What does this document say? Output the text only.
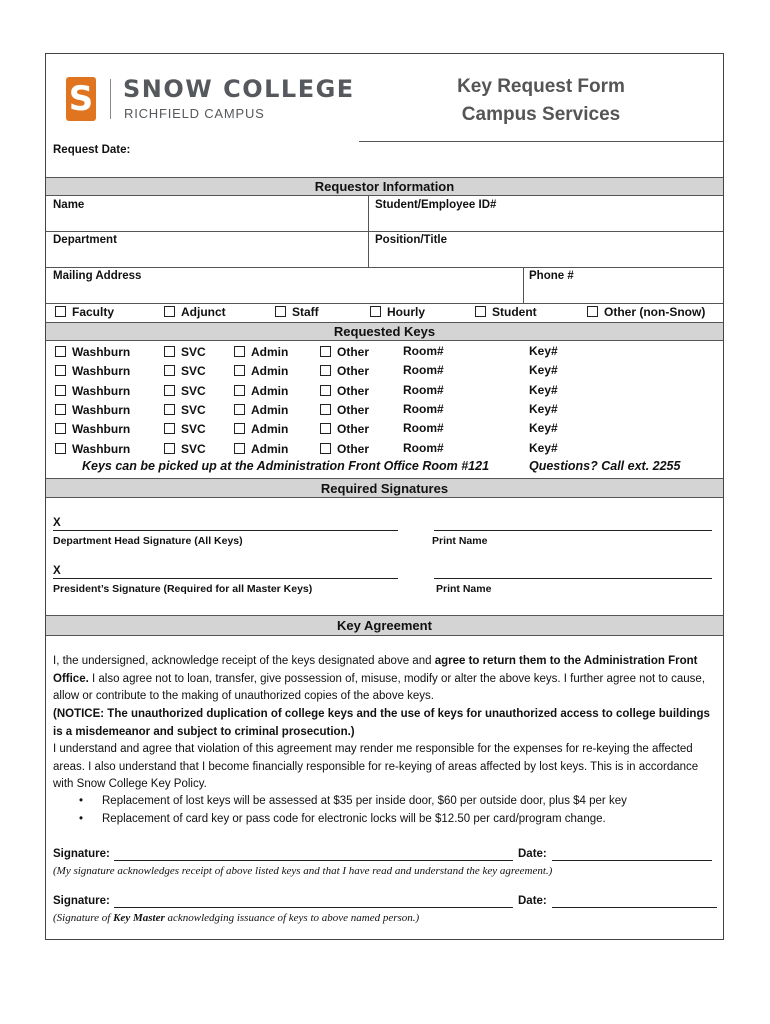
S SNOW COLLEGE
RICHFIELD CAMPUS
Key Request Form
Campus Services
Request Date:
Requestor Information
Name	Student/Employee ID#
Department	Position/Title
Mailing Address	Phone #
Faculty	Adjunct	Staff	Hourly	Student	Other (non-Snow)
Requested Keys
Washburn	SVC	Admin	Other	Room#	Key#
Washburn	SVC	Admin	Other	Room#	Key#
Washburn	SVC	Admin	Other	Room#	Key#
Washburn	SVC	Admin	Other	Room#	Key#
Washburn	SVC	Admin	Other	Room#	Key#
Washburn	SVC	Admin	Other	Room#	Key#
Keys can be picked up at the Administration Front Office Room #121	Questions? Call ext. 2255
Required Signatures
X
Department Head Signature (All Keys)	Print Name
X
President’s Signature (Required for all Master Keys)	Print Name
Key Agreement
I, the undersigned, acknowledge receipt of the keys designated above and agree to return them to the Administration Front Office. I also agree not to loan, transfer, give possession of, misuse, modify or alter the above keys. I further agree not to cause, allow or contribute to the making of unauthorized copies of the above keys.
(NOTICE: The unauthorized duplication of college keys and the use of keys for unauthorized access to college buildings is a misdemeanor and subject to criminal prosecution.)
I understand and agree that violation of this agreement may render me responsible for the expenses for re-keying the affected areas. I also understand that I become financially responsible for re-keying of areas affected by lost keys. This is in accordance with Snow College Key Policy.
• Replacement of lost keys will be assessed at $35 per inside door, $60 per outside door, plus $4 per key
• Replacement of card key or pass code for electronic locks will be $12.50 per card/program change.
Signature:	Date:
(My signature acknowledges receipt of above listed keys and that I have read and understand the key agreement.)
Signature:	Date:
(Signature of Key Master acknowledging issuance of keys to above named person.)
